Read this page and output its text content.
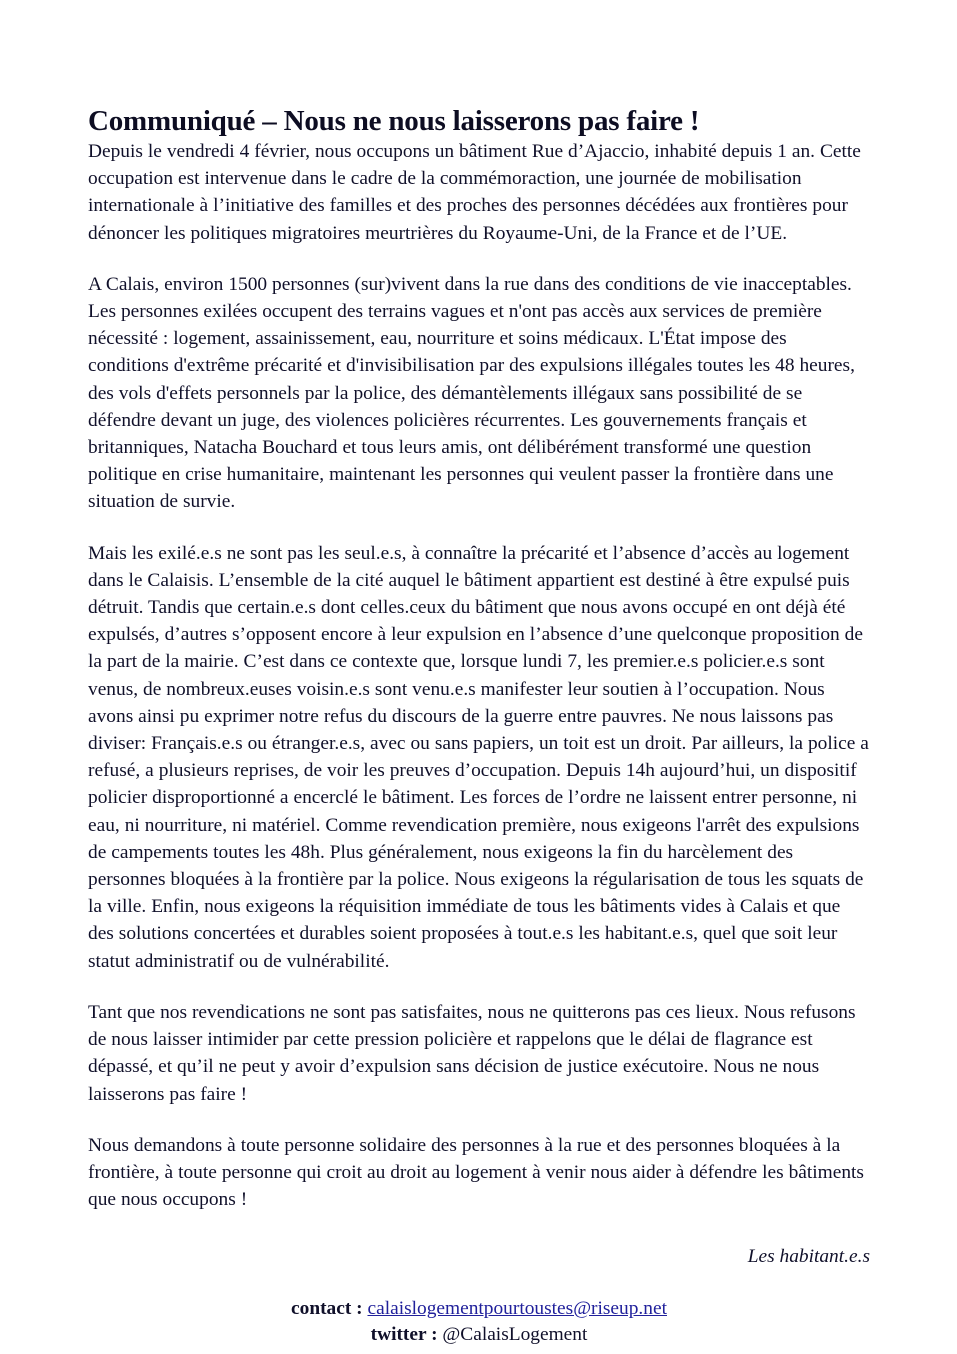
Communiqué – Nous ne nous laisserons pas faire !

Depuis le vendredi 4 février, nous occupons un bâtiment Rue d’Ajaccio, inhabité depuis 1 an. Cette occupation est intervenue dans le cadre de la commémoraction, une journée de mobilisation internationale à l’initiative des familles et des proches des personnes décédées aux frontières pour dénoncer les politiques migratoires meurtrières du Royaume-Uni, de la France et de l’UE.

A Calais, environ 1500 personnes (sur)vivent dans la rue dans des conditions de vie inacceptables. Les personnes exilées occupent des terrains vagues et n'ont pas accès aux services de première nécessité : logement, assainissement, eau, nourriture et soins médicaux. L'État impose des conditions d'extrême précarité et d'invisibilisation par des expulsions illégales toutes les 48 heures, des vols d'effets personnels par la police, des démantèlements illégaux sans possibilité de se défendre devant un juge, des violences policières récurrentes. Les gouvernements français et britanniques, Natacha Bouchard et tous leurs amis, ont délibérément transformé une question politique en crise humanitaire, maintenant les personnes qui veulent passer la frontière dans une situation de survie.

Mais les exilé.e.s ne sont pas les seul.e.s, à connaître la précarité et l’absence d’accès au logement dans le Calaisis. L’ensemble de la cité auquel le bâtiment appartient est destiné à être expulsé puis détruit. Tandis que certain.e.s dont celles.ceux du bâtiment que nous avons occupé en ont déjà été expulsés, d’autres s’opposent encore à leur expulsion en l’absence d’une quelconque proposition de la part de la mairie. C’est dans ce contexte que, lorsque lundi 7, les premier.e.s policier.e.s sont venus, de nombreux.euses voisin.e.s sont venu.e.s manifester leur soutien à l’occupation. Nous avons ainsi pu exprimer notre refus du discours de la guerre entre pauvres. Ne nous laissons pas diviser: Français.e.s ou étranger.e.s, avec ou sans papiers, un toit est un droit. Par ailleurs, la police a refusé, a plusieurs reprises, de voir les preuves d’occupation. Depuis 14h aujourd’hui, un dispositif policier disproportionné a encerclé le bâtiment. Les forces de l’ordre ne laissent entrer personne, ni eau, ni nourriture, ni matériel. Comme revendication première, nous exigeons l'arrêt des expulsions de campements toutes les 48h. Plus généralement, nous exigeons la fin du harcèlement des personnes bloquées à la frontière par la police. Nous exigeons la régularisation de tous les squats de la ville. Enfin, nous exigeons la réquisition immédiate de tous les bâtiments vides à Calais et que des solutions concertées et durables soient proposées à tout.e.s les habitant.e.s, quel que soit leur statut administratif ou de vulnérabilité.

Tant que nos revendications ne sont pas satisfaites, nous ne quitterons pas ces lieux. Nous refusons de nous laisser intimider par cette pression policière et rappelons que le délai de flagrance est dépassé, et qu’il ne peut y avoir d’expulsion sans décision de justice exécutoire. Nous ne nous laisserons pas faire !

Nous demandons à toute personne solidaire des personnes à la rue et des personnes bloquées à la frontière, à toute personne qui croit au droit au logement à venir nous aider à défendre les bâtiments que nous occupons !

Les habitant.e.s

contact : calaislogementpourtoustes@riseup.net
twitter : @CalaisLogement
